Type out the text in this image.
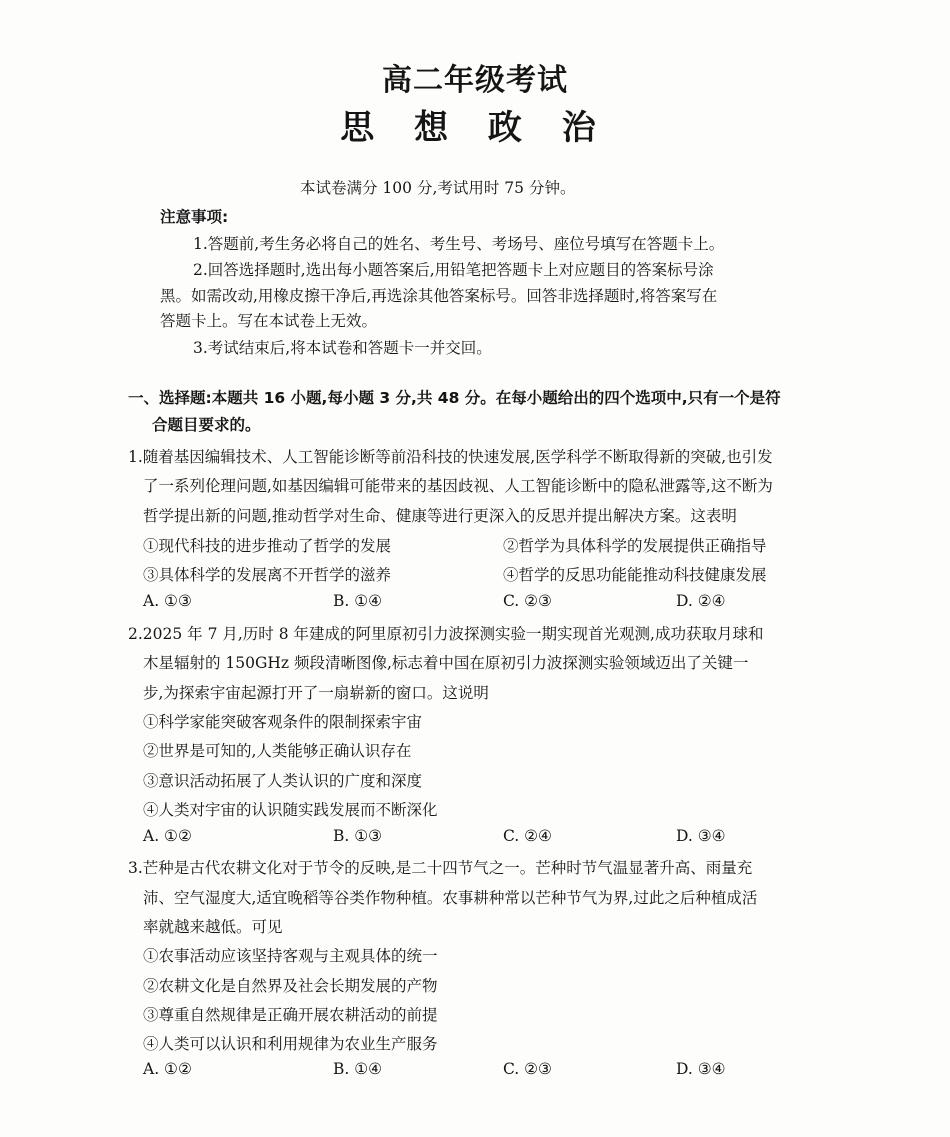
高二年级考试
思 想 政 治
本试卷满分 100 分,考试用时 75 分钟。
注意事项:
1.答题前,考生务必将自己的姓名、考生号、考场号、座位号填写在答题卡上。
2.回答选择题时,选出每小题答案后,用铅笔把答题卡上对应题目的答案标号涂
黑。如需改动,用橡皮擦干净后,再选涂其他答案标号。回答非选择题时,将答案写在
答题卡上。写在本试卷上无效。
3.考试结束后,将本试卷和答题卡一并交回。
一、选择题:本题共 16 小题,每小题 3 分,共 48 分。在每小题给出的四个选项中,只有一个是符
合题目要求的。
1.随着基因编辑技术、人工智能诊断等前沿科技的快速发展,医学科学不断取得新的突破,也引发
了一系列伦理问题,如基因编辑可能带来的基因歧视、人工智能诊断中的隐私泄露等,这不断为
哲学提出新的问题,推动哲学对生命、健康等进行更深入的反思并提出解决方案。这表明
①现代科技的进步推动了哲学的发展	②哲学为具体科学的发展提供正确指导
③具体科学的发展离不开哲学的滋养	④哲学的反思功能能推动科技健康发展
A. ①③	B. ①④	C. ②③	D. ②④
2.2025 年 7 月,历时 8 年建成的阿里原初引力波探测实验一期实现首光观测,成功获取月球和
木星辐射的 150GHz 频段清晰图像,标志着中国在原初引力波探测实验领域迈出了关键一
步,为探索宇宙起源打开了一扇崭新的窗口。这说明
①科学家能突破客观条件的限制探索宇宙
②世界是可知的,人类能够正确认识存在
③意识活动拓展了人类认识的广度和深度
④人类对宇宙的认识随实践发展而不断深化
A. ①②	B. ①③	C. ②④	D. ③④
3.芒种是古代农耕文化对于节令的反映,是二十四节气之一。芒种时节气温显著升高、雨量充
沛、空气湿度大,适宜晚稻等谷类作物种植。农事耕种常以芒种节气为界,过此之后种植成活
率就越来越低。可见
①农事活动应该坚持客观与主观具体的统一
②农耕文化是自然界及社会长期发展的产物
③尊重自然规律是正确开展农耕活动的前提
④人类可以认识和利用规律为农业生产服务
A. ①②	B. ①④	C. ②③	D. ③④
